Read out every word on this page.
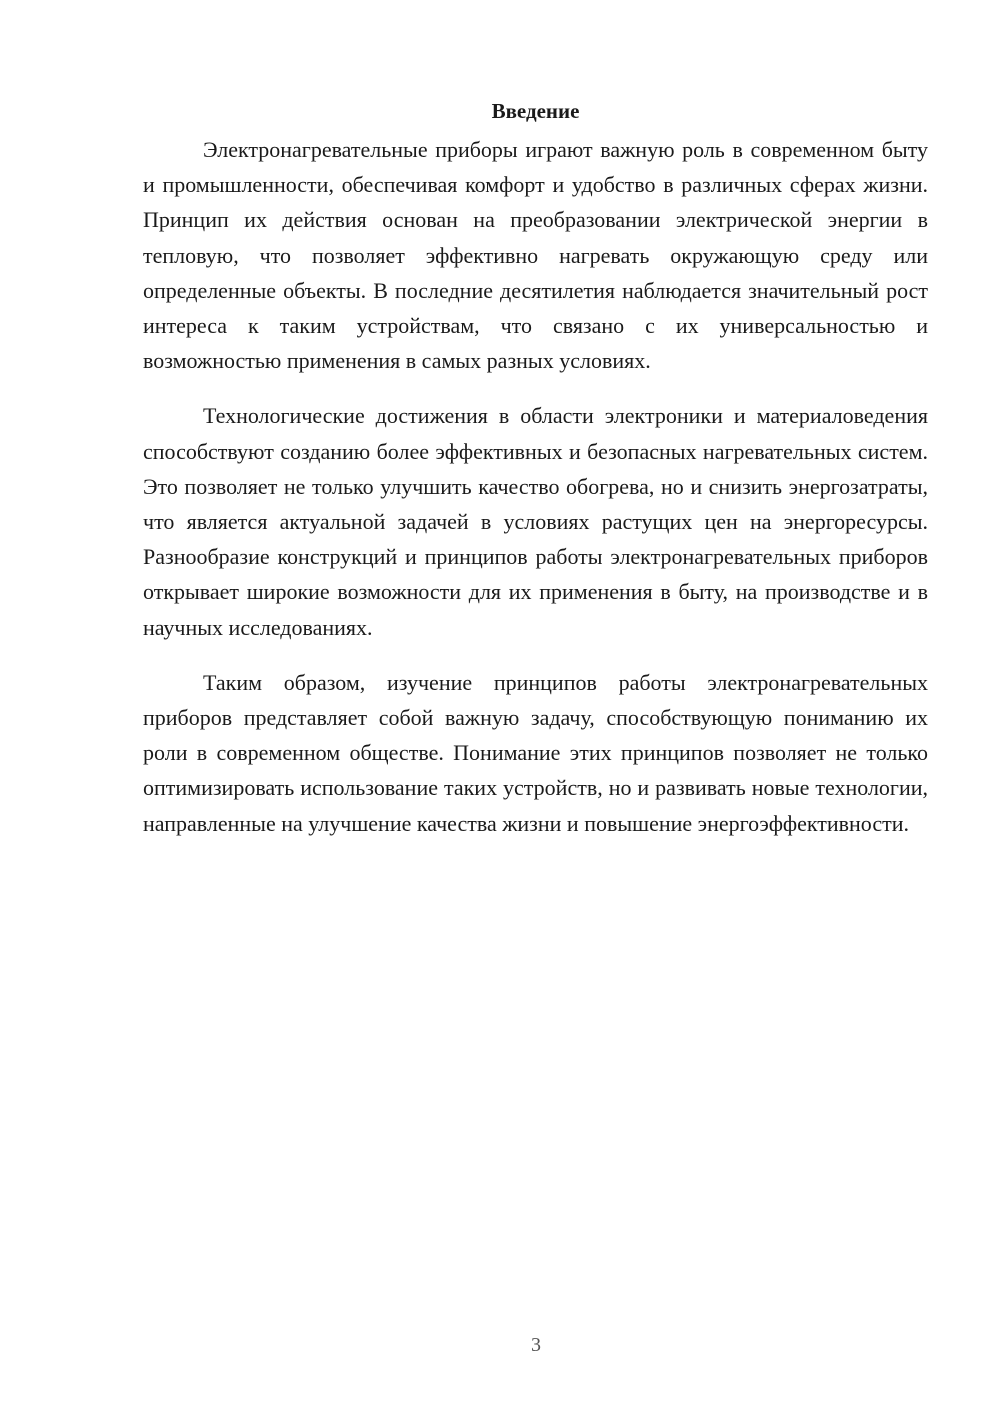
Введение

Электронагревательные приборы играют важную роль в современном быту и промышленности, обеспечивая комфорт и удобство в различных сферах жизни. Принцип их действия основан на преобразовании электрической энергии в тепловую, что позволяет эффективно нагревать окружающую среду или определенные объекты. В последние десятилетия наблюдается значительный рост интереса к таким устройствам, что связано с их универсальностью и возможностью применения в самых разных условиях.

Технологические достижения в области электроники и материаловедения способствуют созданию более эффективных и безопасных нагревательных систем. Это позволяет не только улучшить качество обогрева, но и снизить энергозатраты, что является актуальной задачей в условиях растущих цен на энергоресурсы. Разнообразие конструкций и принципов работы электронагревательных приборов открывает широкие возможности для их применения в быту, на производстве и в научных исследованиях.

Таким образом, изучение принципов работы электронагревательных приборов представляет собой важную задачу, способствующую пониманию их роли в современном обществе. Понимание этих принципов позволяет не только оптимизировать использование таких устройств, но и развивать новые технологии, направленные на улучшение качества жизни и повышение энергоэффективности.

3
